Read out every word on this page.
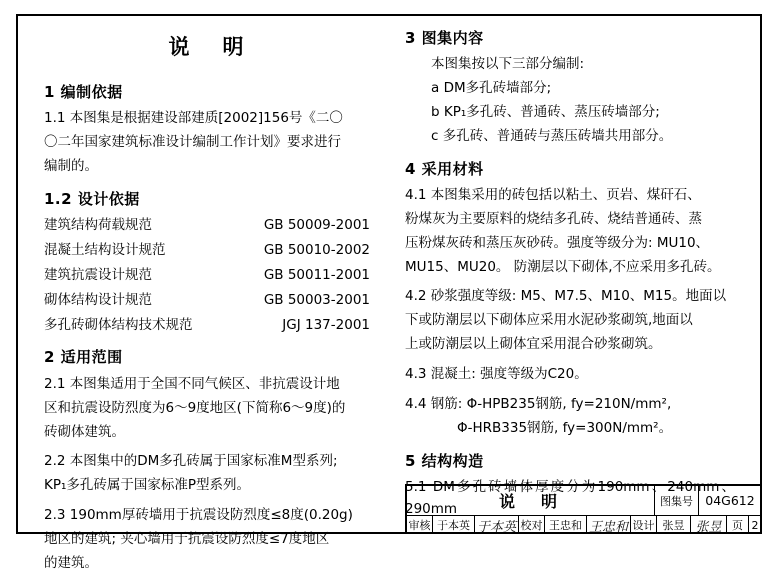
说　明
1 编制依据

1.1 本图集是根据建设部建质[2002]156号《二〇

〇二年国家建筑标准设计编制工作计划》要求进行

编制的。

1.2 设计依据
建筑结构荷载规范	GB 50009-2001
混凝土结构设计规范	GB 50010-2002
建筑抗震设计规范	GB 50011-2001
砌体结构设计规范	GB 50003-2001
多孔砖砌体结构技术规范	JGJ 137-2001
2 适用范围

2.1 本图集适用于全国不同气候区、非抗震设计地

区和抗震设防烈度为6～9度地区(下简称6～9度)的

砖砌体建筑。

2.2 本图集中的DM多孔砖属于国家标准M型系列;

KP₁多孔砖属于国家标准P型系列。

2.3 190mm厚砖墙用于抗震设防烈度≤8度(0.20g)

地区的建筑; 夹心墙用于抗震设防烈度≤7度地区

的建筑。

3 图集内容

本图集按以下三部分编制:

a DM多孔砖墙部分;

b KP₁多孔砖、普通砖、蒸压砖墙部分;

c 多孔砖、普通砖与蒸压砖墙共用部分。

4 采用材料

4.1 本图集采用的砖包括以粘土、页岩、煤矸石、

粉煤灰为主要原料的烧结多孔砖、烧结普通砖、蒸

压粉煤灰砖和蒸压灰砂砖。强度等级分为: MU10、

MU15、MU20。 防潮层以下砌体,不应采用多孔砖。

4.2 砂浆强度等级: M5、M7.5、M10、M15。地面以

下或防潮层以下砌体应采用水泥砂浆砌筑,地面以

上或防潮层以上砌体宜采用混合砂浆砌筑。

4.3 混凝土: 强度等级为C20。

4.4 钢筋: Φ-HPB235钢筋, fy=210N/mm²,

Φ-HRB335钢筋, fy=300N/mm²。

5 结构构造

5.1 DM多孔砖墙体厚度分为190mm、240mm、290mm	说　明	图集号 04G612
审核 于本英 于本英 校对 王忠和 王忠和 设计 张昱 张昱 页 2
